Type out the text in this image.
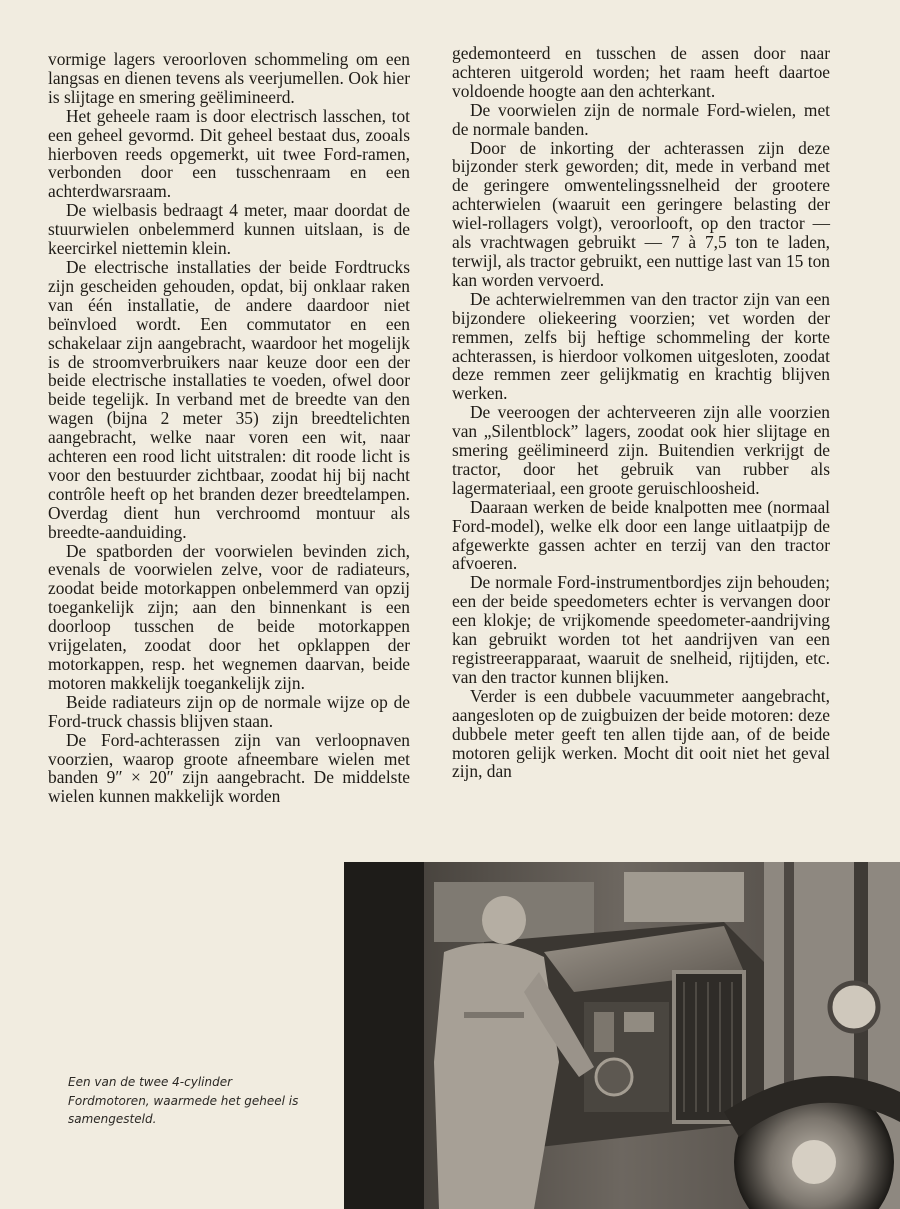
vormige lagers veroorloven schommeling om een langsas en dienen tevens als veerjumellen. Ook hier is slijtage en smering geëlimineerd.

Het geheele raam is door electrisch lasschen, tot een geheel gevormd. Dit geheel bestaat dus, zooals hierboven reeds opgemerkt, uit twee Ford-ramen, verbonden door een tusschenraam en een achterdwarsraam.

De wielbasis bedraagt 4 meter, maar doordat de stuurwielen onbelemmerd kunnen uitslaan, is de keercirkel niettemin klein.

De electrische installaties der beide Fordtrucks zijn gescheiden gehouden, opdat, bij onklaar raken van één installatie, de andere daardoor niet beïnvloed wordt. Een commutator en een schakelaar zijn aangebracht, waardoor het mogelijk is de stroomverbruikers naar keuze door een der beide electrische installaties te voeden, ofwel door beide tegelijk. In verband met de breedte van den wagen (bijna 2 meter 35) zijn breedtelichten aangebracht, welke naar voren een wit, naar achteren een rood licht uitstralen: dit roode licht is voor den bestuurder zichtbaar, zoodat hij bij nacht contrôle heeft op het branden dezer breedtelampen. Overdag dient hun verchroomd montuur als breedte-aanduiding.

De spatborden der voorwielen bevinden zich, evenals de voorwielen zelve, voor de radiateurs, zoodat beide motorkappen onbelemmerd van opzij toegankelijk zijn; aan den binnenkant is een doorloop tusschen de beide motorkappen vrijgelaten, zoodat door het opklappen der motorkappen, resp. het wegnemen daarvan, beide motoren makkelijk toegankelijk zijn.

Beide radiateurs zijn op de normale wijze op de Ford-truck chassis blijven staan.

De Ford-achterassen zijn van verloopnaven voorzien, waarop groote afneembare wielen met banden 9″ × 20″ zijn aangebracht. De middelste wielen kunnen makkelijk worden

gedemonteerd en tusschen de assen door naar achteren uitgerold worden; het raam heeft daartoe voldoende hoogte aan den achterkant.

De voorwielen zijn de normale Ford-wielen, met de normale banden.

Door de inkorting der achterassen zijn deze bijzonder sterk geworden; dit, mede in verband met de geringere omwentelingssnelheid der grootere achterwielen (waaruit een geringere belasting der wiel-rollagers volgt), veroorlooft, op den tractor — als vrachtwagen gebruikt — 7 à 7,5 ton te laden, terwijl, als tractor gebruikt, een nuttige last van 15 ton kan worden vervoerd.

De achterwielremmen van den tractor zijn van een bijzondere oliekeering voorzien; vet worden der remmen, zelfs bij heftige schommeling der korte achterassen, is hierdoor volkomen uitgesloten, zoodat deze remmen zeer gelijkmatig en krachtig blijven werken.

De veeroogen der achterveeren zijn alle voorzien van „Silentblock” lagers, zoodat ook hier slijtage en smering geëlimineerd zijn. Buitendien verkrijgt de tractor, door het gebruik van rubber als lagermateriaal, een groote geruischloosheid.

Daaraan werken de beide knalpotten mee (normaal Ford-model), welke elk door een lange uitlaatpijp de afgewerkte gassen achter en terzij van den tractor afvoeren.

De normale Ford-instrumentbordjes zijn behouden; een der beide speedometers echter is vervangen door een klokje; de vrijkomende speedometer-aandrijving kan gebruikt worden tot het aandrijven van een registreerapparaat, waaruit de snelheid, rijtijden, etc. van den tractor kunnen blijken.

Verder is een dubbele vacuummeter aangebracht, aangesloten op de zuigbuizen der beide motoren: deze dubbele meter geeft ten allen tijde aan, of de beide motoren gelijk werken. Mocht dit ooit niet het geval zijn, dan

Een van de twee 4-cylinder Fordmotoren, waarmede het geheel is samengesteld.
